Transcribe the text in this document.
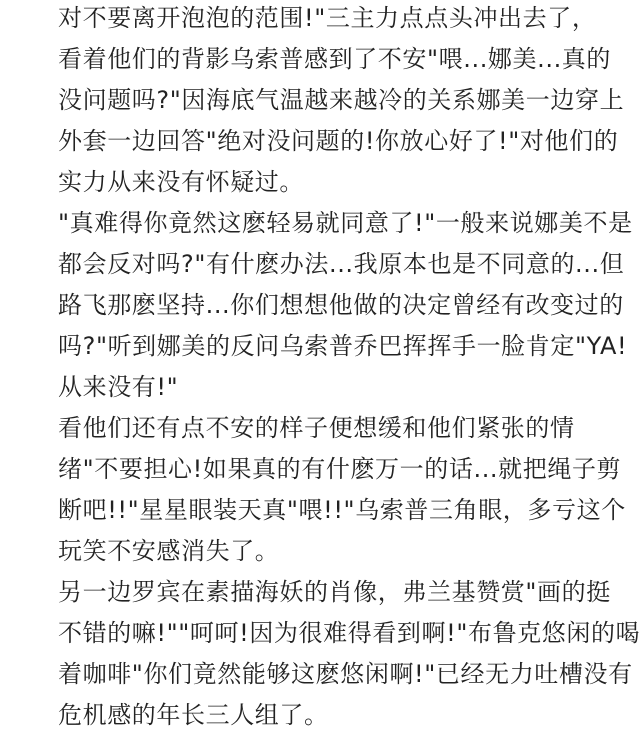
对不要离开泡泡的范围!"三主力点点头冲出去了，
看着他们的背影乌索普感到了不安"喂...娜美...真的
没问题吗?"因海底气温越来越冷的关系娜美一边穿上
外套一边回答"绝对没问题的!你放心好了!"对他们的
实力从来没有怀疑过。
"真难得你竟然这麽轻易就同意了!"一般来说娜美不是
都会反对吗?"有什麽办法...我原本也是不同意的...但
路飞那麽坚持...你们想想他做的决定曾经有改变过的
吗?"听到娜美的反问乌索普乔巴挥挥手一脸肯定"YA!
从来没有!"
看他们还有点不安的样子便想缓和他们紧张的情
绪"不要担心!如果真的有什麽万一的话...就把绳子剪
断吧!!"星星眼装天真"喂!!"乌索普三角眼，多亏这个
玩笑不安感消失了。
另一边罗宾在素描海妖的肖像，弗兰基赞赏"画的挺
不错的嘛!""呵呵!因为很难得看到啊!"布鲁克悠闲的喝
着咖啡"你们竟然能够这麽悠闲啊!"已经无力吐槽没有
危机感的年长三人组了。
